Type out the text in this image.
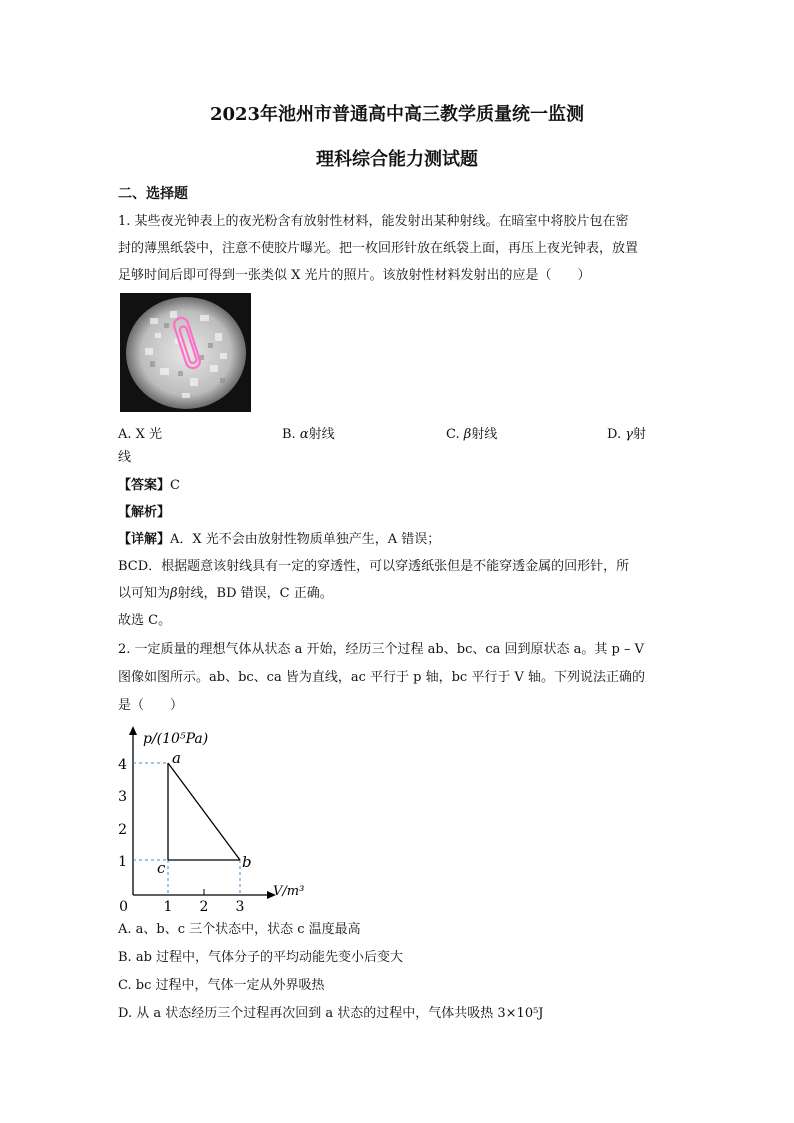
2023年池州市普通高中高三教学质量统一监测
理科综合能力测试题
二、选择题
1. 某些夜光钟表上的夜光粉含有放射性材料，能发射出某种射线。在暗室中将胶片包在密
封的薄黑纸袋中，注意不使胶片曝光。把一枚回形针放在纸袋上面，再压上夜光钟表，放置
足够时间后即可得到一张类似 X 光片的照片。该放射性材料发射出的应是（　　）
A. X 光	B. α射线	C. β射线	D. γ射
线
【答案】C
【解析】
【详解】A．X 光不会由放射性物质单独产生，A 错误；
BCD．根据题意该射线具有一定的穿透性，可以穿透纸张但是不能穿透金属的回形针，所
以可知为β射线，BD 错误，C 正确。
故选 C。
2. 一定质量的理想气体从状态 a 开始，经历三个过程 ab、bc、ca 回到原状态 a。其 p – V
图像如图所示。ab、bc、ca 皆为直线，ac 平行于 p 轴，bc 平行于 V 轴。下列说法正确的
是（　　）
p/(10⁵Pa)
V/m³
0
1
2
3
4
1 2 3
a
b
c
A. a、b、c 三个状态中，状态 c 温度最高
B. ab 过程中，气体分子的平均动能先变小后变大
C. bc 过程中，气体一定从外界吸热
D. 从 a 状态经历三个过程再次回到 a 状态的过程中，气体共吸热 3×10⁵J
